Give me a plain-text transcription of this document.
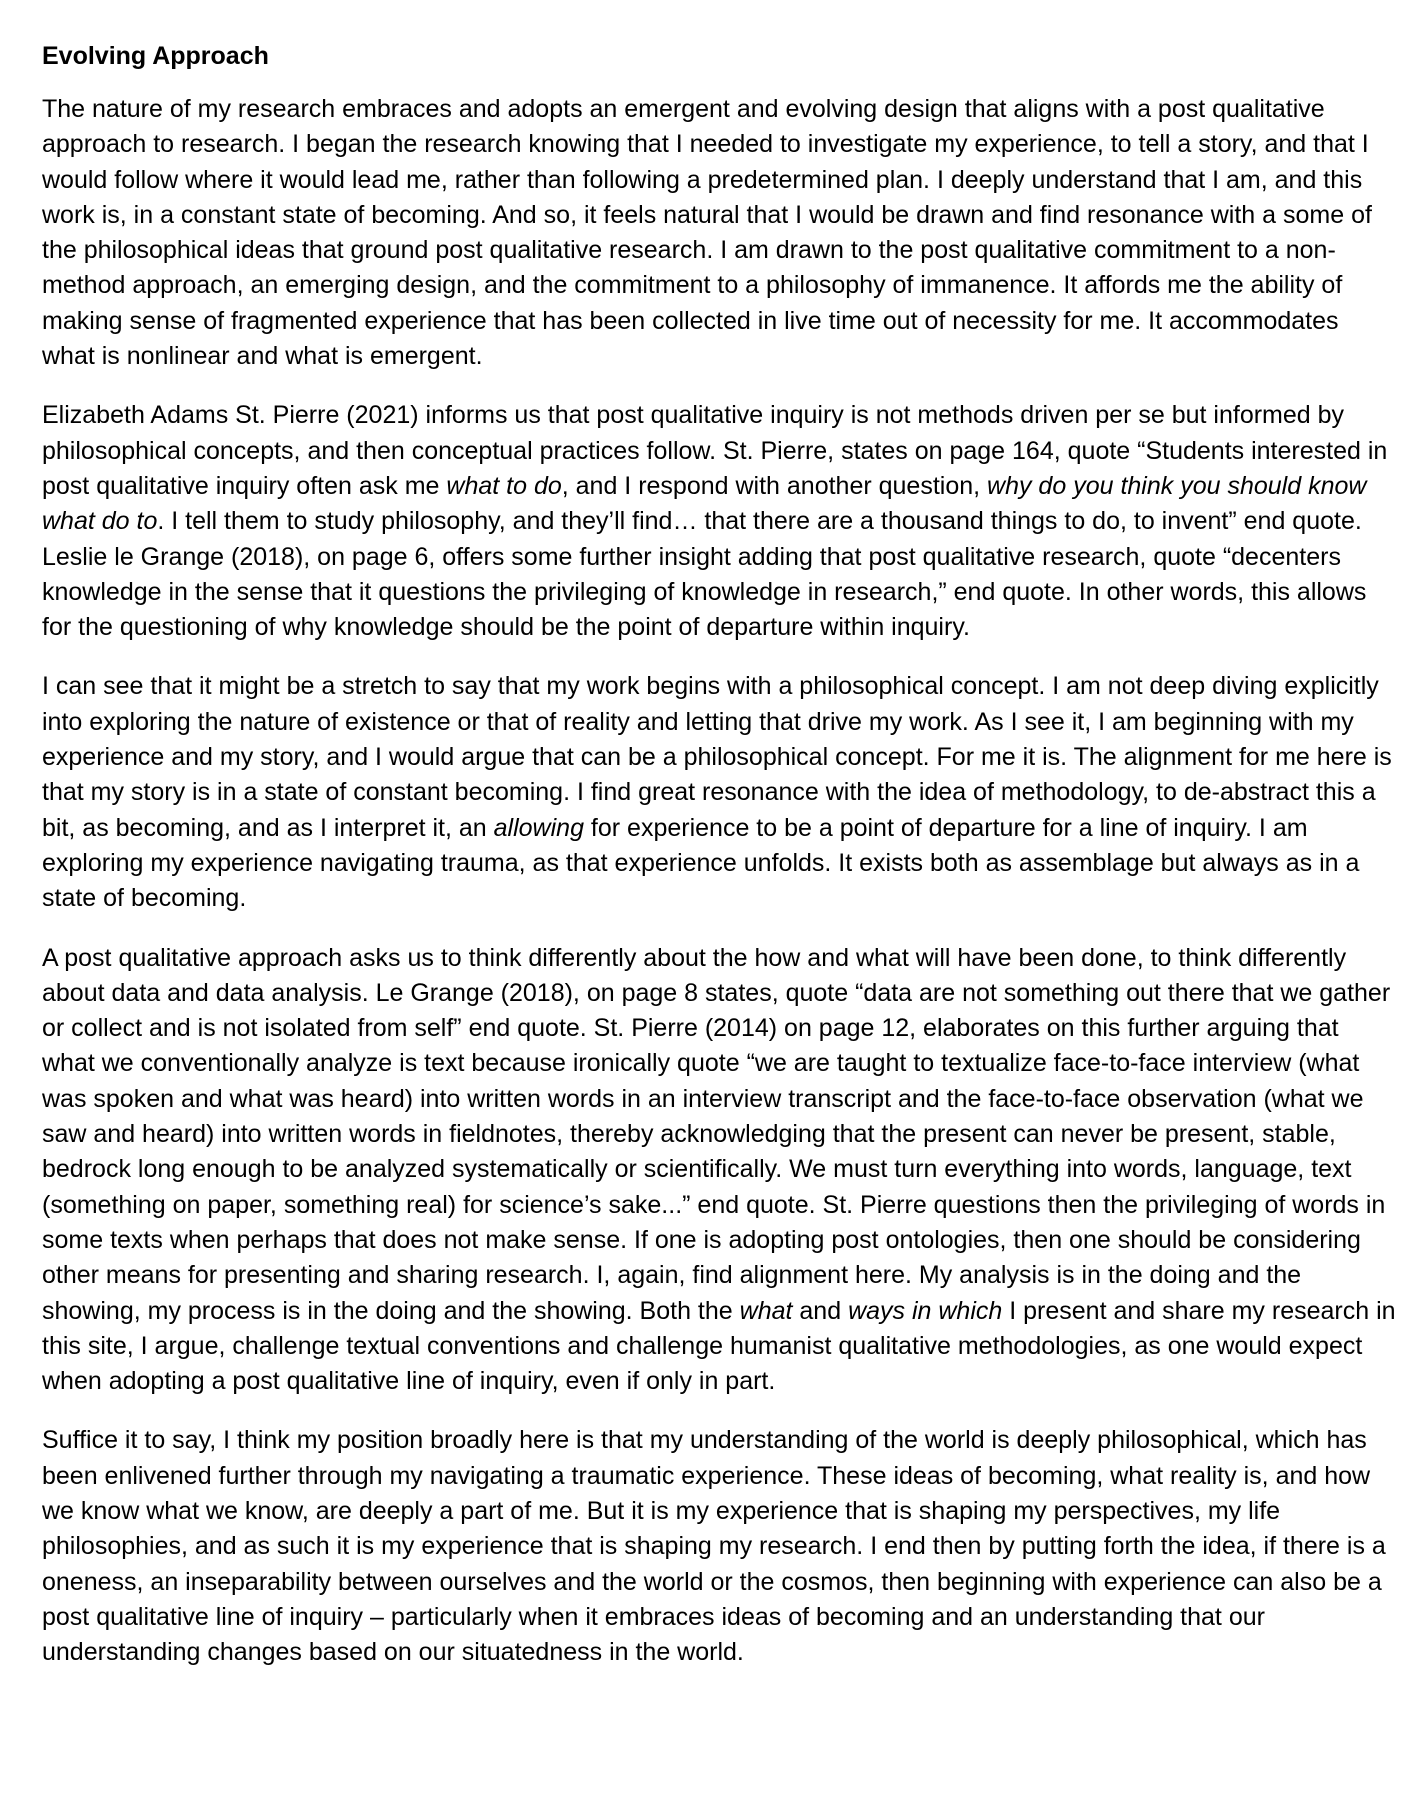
Evolving Approach

The nature of my research embraces and adopts an emergent and evolving design that aligns with a post qualitative approach to research. I began the research knowing that I needed to investigate my experience, to tell a story, and that I would follow where it would lead me, rather than following a predetermined plan. I deeply understand that I am, and this work is, in a constant state of becoming. And so, it feels natural that I would be drawn and find resonance with a some of the philosophical ideas that ground post qualitative research. I am drawn to the post qualitative commitment to a non-method approach, an emerging design, and the commitment to a philosophy of immanence. It affords me the ability of making sense of fragmented experience that has been collected in live time out of necessity for me. It accommodates what is nonlinear and what is emergent.

Elizabeth Adams St. Pierre (2021) informs us that post qualitative inquiry is not methods driven per se but informed by philosophical concepts, and then conceptual practices follow. St. Pierre, states on page 164, quote “Students interested in post qualitative inquiry often ask me what to do, and I respond with another question, why do you think you should know what do to. I tell them to study philosophy, and they’ll find… that there are a thousand things to do, to invent” end quote. Leslie le Grange (2018), on page 6, offers some further insight adding that post qualitative research, quote “decenters knowledge in the sense that it questions the privileging of knowledge in research,” end quote. In other words, this allows for the questioning of why knowledge should be the point of departure within inquiry.

I can see that it might be a stretch to say that my work begins with a philosophical concept. I am not deep diving explicitly into exploring the nature of existence or that of reality and letting that drive my work. As I see it, I am beginning with my experience and my story, and I would argue that can be a philosophical concept. For me it is. The alignment for me here is that my story is in a state of constant becoming. I find great resonance with the idea of methodology, to de-abstract this a bit, as becoming, and as I interpret it, an allowing for experience to be a point of departure for a line of inquiry. I am exploring my experience navigating trauma, as that experience unfolds. It exists both as assemblage but always as in a state of becoming.

A post qualitative approach asks us to think differently about the how and what will have been done, to think differently about data and data analysis. Le Grange (2018), on page 8 states, quote “data are not something out there that we gather or collect and is not isolated from self” end quote. St. Pierre (2014) on page 12, elaborates on this further arguing that what we conventionally analyze is text because ironically quote “we are taught to textualize face-to-face interview (what was spoken and what was heard) into written words in an interview transcript and the face-to-face observation (what we saw and heard) into written words in fieldnotes, thereby acknowledging that the present can never be present, stable, bedrock long enough to be analyzed systematically or scientifically. We must turn everything into words, language, text (something on paper, something real) for science’s sake...” end quote. St. Pierre questions then the privileging of words in some texts when perhaps that does not make sense. If one is adopting post ontologies, then one should be considering other means for presenting and sharing research. I, again, find alignment here. My analysis is in the doing and the showing, my process is in the doing and the showing. Both the what and ways in which I present and share my research in this site, I argue, challenge textual conventions and challenge humanist qualitative methodologies, as one would expect when adopting a post qualitative line of inquiry, even if only in part.

Suffice it to say, I think my position broadly here is that my understanding of the world is deeply philosophical, which has been enlivened further through my navigating a traumatic experience. These ideas of becoming, what reality is, and how we know what we know, are deeply a part of me. But it is my experience that is shaping my perspectives, my life philosophies, and as such it is my experience that is shaping my research. I end then by putting forth the idea, if there is a oneness, an inseparability between ourselves and the world or the cosmos, then beginning with experience can also be a post qualitative line of inquiry – particularly when it embraces ideas of becoming and an understanding that our understanding changes based on our situatedness in the world.
